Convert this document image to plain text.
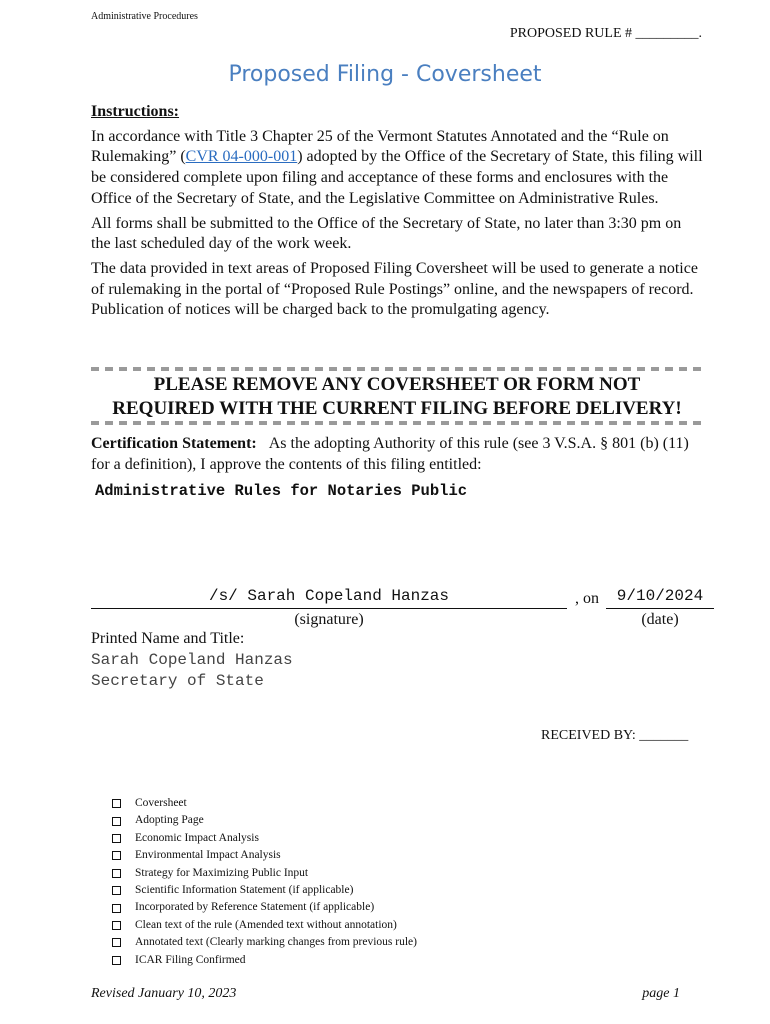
Administrative Procedures
PROPOSED RULE # _________.
Proposed Filing - Coversheet

Instructions:

In accordance with Title 3 Chapter 25 of the Vermont Statutes Annotated and the “Rule on Rulemaking” (CVR 04-000-001) adopted by the Office of the Secretary of State, this filing will be considered complete upon filing and acceptance of these forms and enclosures with the Office of the Secretary of State, and the Legislative Committee on Administrative Rules.

All forms shall be submitted to the Office of the Secretary of State, no later than 3:30 pm on the last scheduled day of the work week.

The data provided in text areas of Proposed Filing Coversheet will be used to generate a notice of rulemaking in the portal of “Proposed Rule Postings” online, and the newspapers of record. Publication of notices will be charged back to the promulgating agency.

PLEASE REMOVE ANY COVERSHEET OR FORM NOT
REQUIRED WITH THE CURRENT FILING BEFORE DELIVERY!
Certification Statement: As the adopting Authority of this rule (see 3 V.S.A. § 801 (b) (11) for a definition), I approve the contents of this filing entitled:
Administrative Rules for Notaries Public
/s/ Sarah Copeland Hanzas	, on	9/10/2024
(signature)	(date)
Printed Name and Title:
Sarah Copeland Hanzas
Secretary of State
RECEIVED BY: _______
Coversheet
Adopting Page
Economic Impact Analysis
Environmental Impact Analysis
Strategy for Maximizing Public Input
Scientific Information Statement (if applicable)
Incorporated by Reference Statement (if applicable)
Clean text of the rule (Amended text without annotation)
Annotated text (Clearly marking changes from previous rule)
ICAR Filing Confirmed
Revised January 10, 2023	page 1
